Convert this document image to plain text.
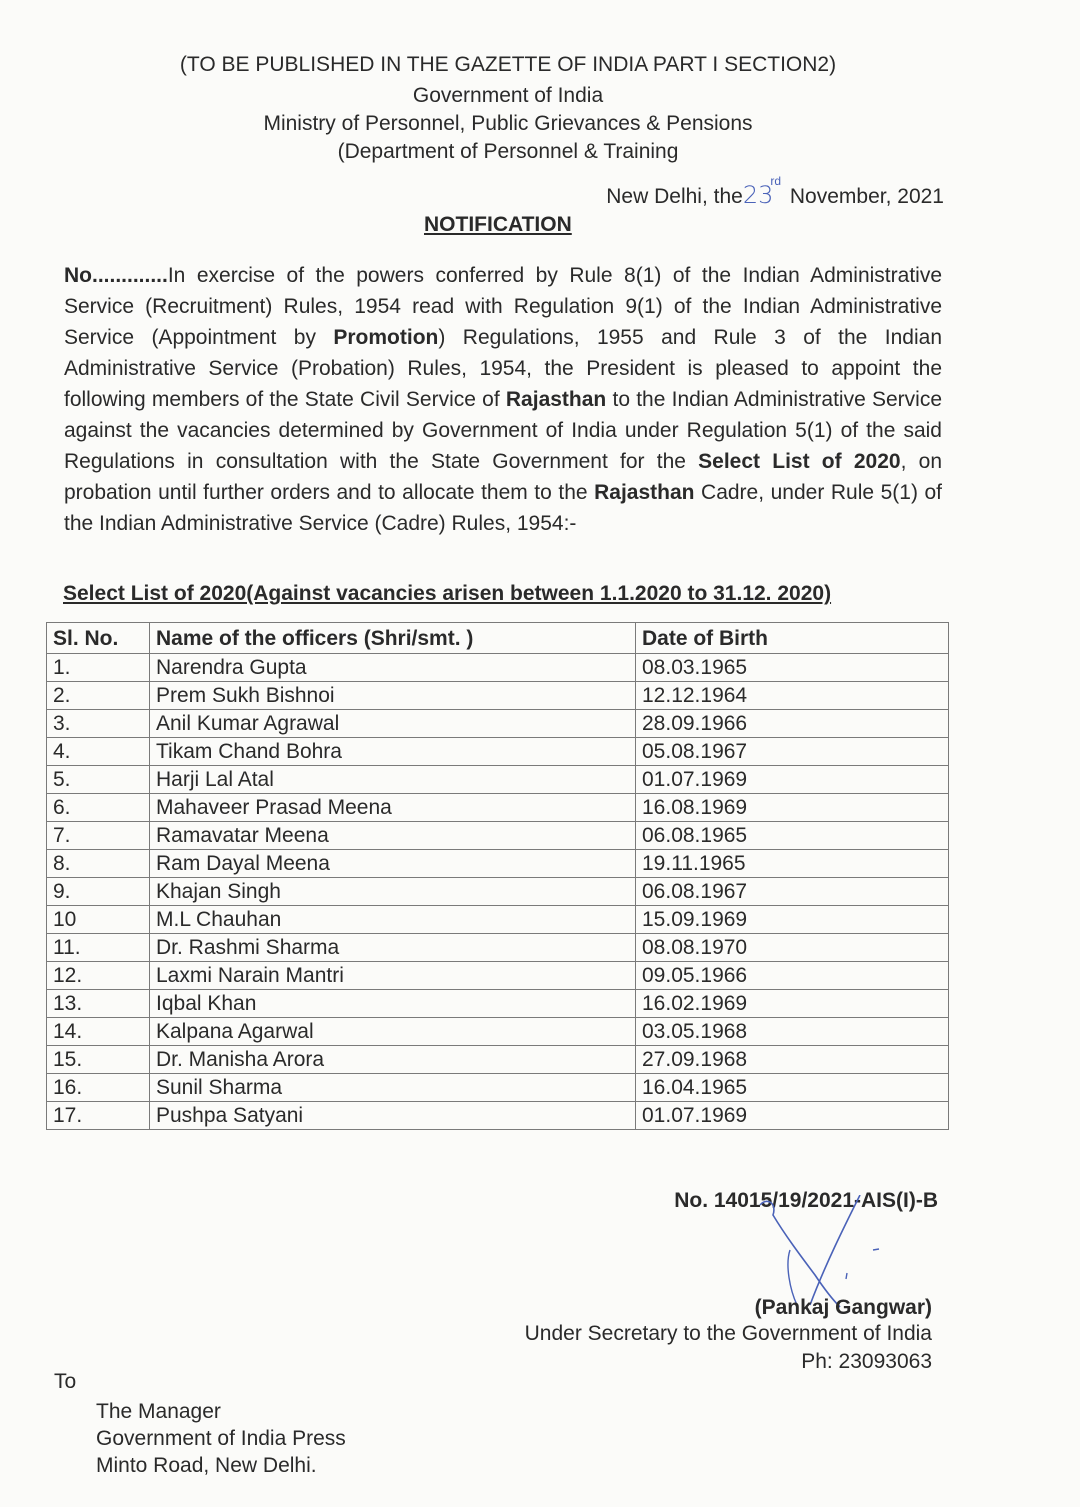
(TO BE PUBLISHED IN THE GAZETTE OF INDIA PART I SECTION2)
Government of India
Ministry of Personnel, Public Grievances & Pensions
(Department of Personnel & Training
New Delhi, the23rd November, 2021
NOTIFICATION
No.............In exercise of the powers conferred by Rule 8(1) of the Indian Administrative Service (Recruitment) Rules, 1954 read with Regulation 9(1) of the Indian Administrative Service (Appointment by Promotion) Regulations, 1955 and Rule 3 of the Indian Administrative Service (Probation) Rules, 1954, the President is pleased to appoint the following members of the State Civil Service of Rajasthan to the Indian Administrative Service against the vacancies determined by Government of India under Regulation 5(1) of the said Regulations in consultation with the State Government for the Select List of 2020, on probation until further orders and to allocate them to the Rajasthan Cadre, under Rule 5(1) of the Indian Administrative Service (Cadre) Rules, 1954:-
Select List of 2020(Against vacancies arisen between 1.1.2020 to 31.12. 2020)
Sl. No.	Name of the officers (Shri/smt. )	Date of Birth
1.	Narendra Gupta	08.03.1965
2.	Prem Sukh Bishnoi	12.12.1964
3.	Anil Kumar Agrawal	28.09.1966
4.	Tikam Chand Bohra	05.08.1967
5.	Harji Lal Atal	01.07.1969
6.	Mahaveer Prasad Meena	16.08.1969
7.	Ramavatar Meena	06.08.1965
8.	Ram Dayal Meena	19.11.1965
9.	Khajan Singh	06.08.1967
10	M.L Chauhan	15.09.1969
11.	Dr. Rashmi Sharma	08.08.1970
12.	Laxmi Narain Mantri	09.05.1966
13.	Iqbal Khan	16.02.1969
14.	Kalpana Agarwal	03.05.1968
15.	Dr. Manisha Arora	27.09.1968
16.	Sunil Sharma	16.04.1965
17.	Pushpa Satyani	01.07.1969
No. 14015/19/2021-AIS(I)-B
(Pankaj Gangwar)
Under Secretary to the Government of India
Ph: 23093063
To
The Manager
Government of India Press
Minto Road, New Delhi.
